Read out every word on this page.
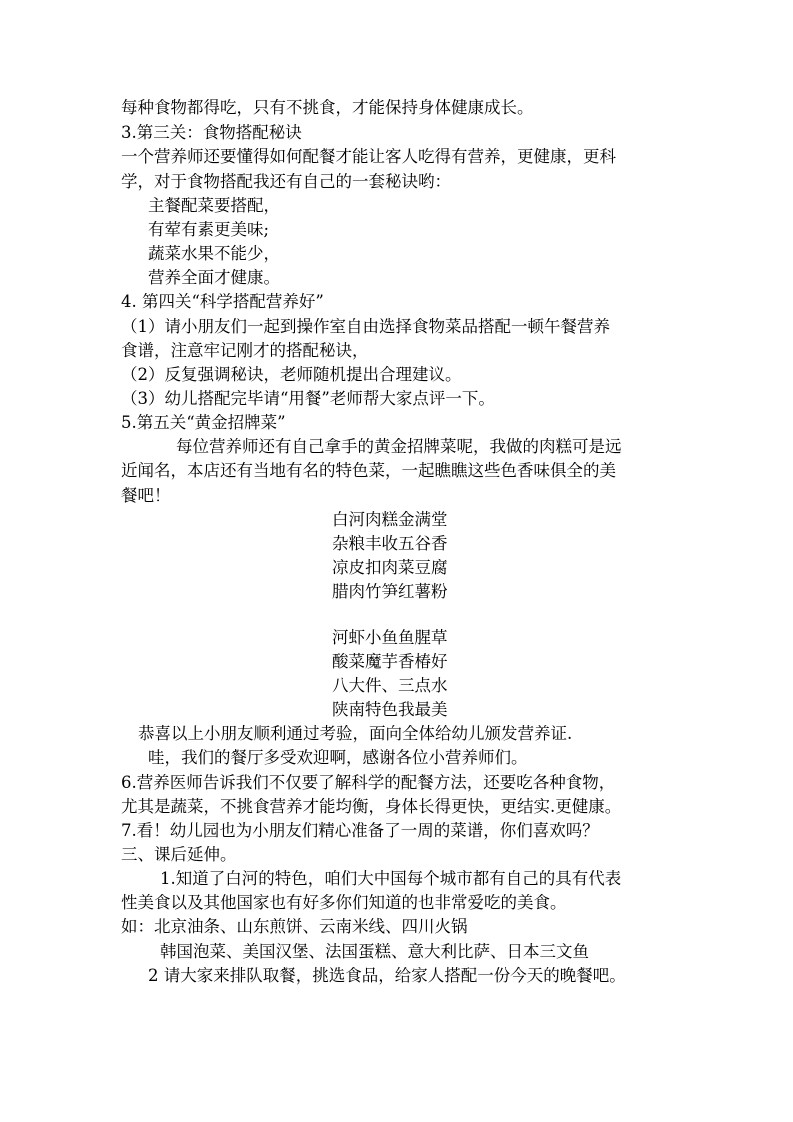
每种食物都得吃，只有不挑食，才能保持身体健康成长。
3.第三关：食物搭配秘诀
一个营养师还要懂得如何配餐才能让客人吃得有营养，更健康，更科
学，对于食物搭配我还有自己的一套秘诀哟：
主餐配菜要搭配，
有荤有素更美味;
蔬菜水果不能少，
营养全面才健康。
4. 第四关“科学搭配营养好”
（1）请小朋友们一起到操作室自由选择食物菜品搭配一顿午餐营养
食谱，注意牢记刚才的搭配秘诀，
（2）反复强调秘诀，老师随机提出合理建议。
（3）幼儿搭配完毕请“用餐”老师帮大家点评一下。
5.第五关“黄金招牌菜”
每位营养师还有自己拿手的黄金招牌菜呢，我做的肉糕可是远
近闻名，本店还有当地有名的特色菜，一起瞧瞧这些色香味俱全的美
餐吧！
白河肉糕金满堂
杂粮丰收五谷香
凉皮扣肉菜豆腐
腊肉竹笋红薯粉
河虾小鱼鱼腥草
酸菜魔芋香椿好
八大件、三点水
陕南特色我最美
恭喜以上小朋友顺利通过考验，面向全体给幼儿颁发营养证.
哇，我们的餐厅多受欢迎啊，感谢各位小营养师们。
6.营养医师告诉我们不仅要了解科学的配餐方法，还要吃各种食物，
尤其是蔬菜，不挑食营养才能均衡，身体长得更快，更结实.更健康。
7.看！幼儿园也为小朋友们精心准备了一周的菜谱，你们喜欢吗？
三、课后延伸。
1.知道了白河的特色，咱们大中国每个城市都有自己的具有代表
性美食以及其他国家也有好多你们知道的也非常爱吃的美食。
如：北京油条、山东煎饼、云南米线、四川火锅
韩国泡菜、美国汉堡、法国蛋糕、意大利比萨、日本三文鱼
2 请大家来排队取餐，挑选食品，给家人搭配一份今天的晚餐吧。
